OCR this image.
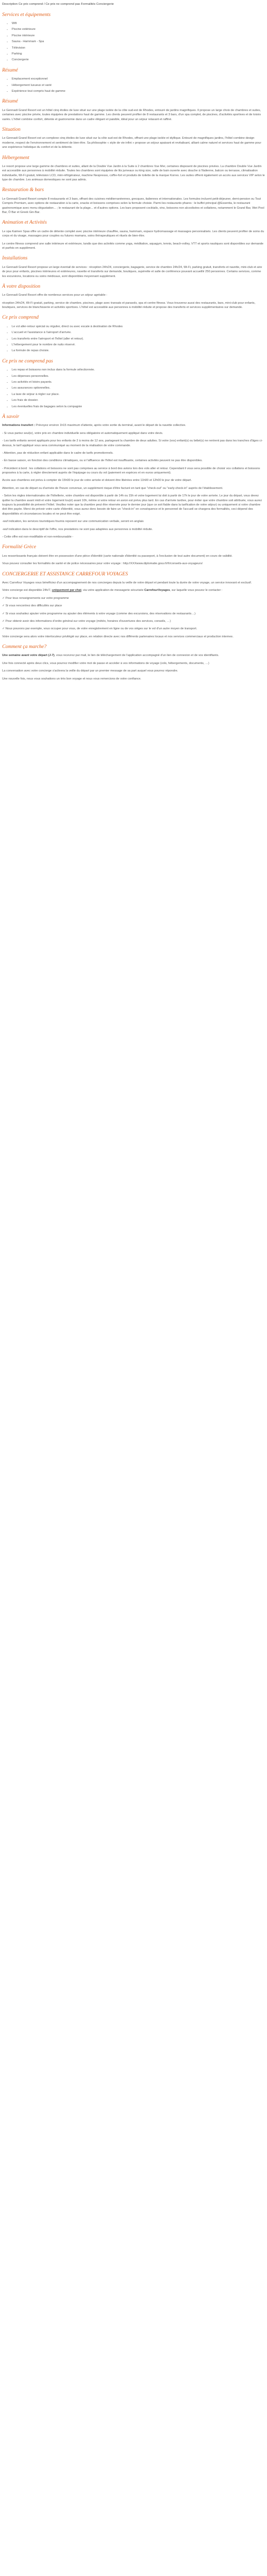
Description Ce prix comprend / Ce prix ne comprend pas Formalités Conciergerie

Services et équipements
• Wifi
• Piscine extérieure
• Piscine intérieure
• Sauna - Hammam - Spa
• Télévision
• Parking
• Conciergerie
Résumé
• Emplacement exceptionnel
• Hébergement luxueux et varié
• Expérience tout compris haut de gamme
Résumé

Le Gennadi Grand Resort est un hôtel cinq étoiles de luxe situé sur une plage isolée de la côte sud-est de Rhodes, entouré de jardins magnifiques. Il propose un large choix de chambres et suites, certaines avec piscine privée, toutes équipées de prestations haut de gamme. Les clients peuvent profiter de 8 restaurants et 3 bars, d'un spa complet, de piscines, d'activités sportives et de loisirs variés. L'hôtel combine confort, détente et gastronomie dans un cadre élégant et paisible, idéal pour un séjour relaxant et raffiné.

Situation

Le Gennadi Grand Resort est un complexe cinq étoiles de luxe situé sur la côte sud-est de Rhodes, offrant une plage isolée et idyllique. Entouré de magnifiques jardins, l'hôtel combine design moderne, respect de l'environnement et sentiment de bien-être. Sa philosophie « style de vie infini » propose un séjour apaisant et revitalisant, alliant calme naturel et services haut de gamme pour une expérience holistique du confort et de la détente.

Hébergement

Le resort propose une large gamme de chambres et suites, allant de la Double Vue Jardin à la Suite à 2 chambres Vue Mer, certaines disposent de piscines privées. La chambre Double Vue Jardin est accessible aux personnes à mobilité réduite. Toutes les chambres sont équipées de lits jumeaux ou king size, salle de bain ouverte avec douche à l'italienne, balcon ou terrasse, climatisation individuelle, Wi-Fi gratuit, télévision LCD, mini-réfrigérateur, machine Nespresso, coffre-fort et produits de toilette de la marque Korres. Les suites offrent également un accès aux services VIP selon le type de chambre. Les animaux domestiques ne sont pas admis.

Restauration & bars

Le Gennadi Grand Resort compte 8 restaurants et 3 bars, offrant des cuisines méditerranéennes, grecques, italiennes et internationales. Les formules incluent petit-déjeuner, demi-pension ou Tout Compris Premium, avec options de restauration à la carte, snacks et boissons comprises selon la formule choisie. Parmi les restaurants phares : le buffet principal @Essentia, le restaurant gastronomique avec menu dégustation... ; le restaurant de la plage... et d'autres options. Les bars proposent cocktails, vins, boissons non alcoolisées et collations, notamment le Grand Bar, Wet Pool Bar, Ö Bar et Greek Gin-Bar.

Animation et Activités

Le spa Kaimen Spas offre un cadre de détente complet avec piscine intérieure chauffée, sauna, hammam, espace hydromassage et massages personnalisés. Les clients peuvent profiter de soins du corps et du visage, massages pour couples ou futures mamans, soins thérapeutiques et rituels de bien-être.

Le centre fitness comprend une salle intérieure et extérieure, tandis que des activités comme yoga, méditation, aquagym, tennis, beach-volley, VTT et sports nautiques sont disponibles sur demande et parfois en supplément.

Installations

Le Gennadi Grand Resort propose un large éventail de services : réception 24h/24, conciergerie, bagagerie, service de chambre 24h/24, Wi-Fi, parking gratuit, transferts et navette, mini-club et aire de jeux pour enfants, piscines intérieures et extérieures, navette et transferts sur demande, boutiques, supérette et salle de conférence pouvant accueillir 250 personnes. Certains services, comme les excursions, locations ou soins médicaux, sont disponibles moyennant supplément.

À votre disposition

Le Gennadi Grand Resort offre de nombreux services pour un séjour agréable :

réception 24h/24, Wi-Fi gratuit, parking, service de chambre, piscines, plage avec transats et parasols, spa et centre fitness. Vous trouverez aussi des restaurants, bars, mini-club pour enfants, boutiques, services de blanchisserie et activités sportives. L'hôtel est accessible aux personnes à mobilité réduite et propose des transferts et services supplémentaires sur demande.

Ce prix comprend
• Le vol aller-retour spécial ou régulier, direct ou avec escale à destination de Rhodes
• L'accueil et l'assistance à l'aéroport d'arrivée.
• Les transferts entre l'aéroport et l'hôtel (aller et retour).
• L'hébergement pour le nombre de nuits réservé.
• La formule de repas choisie.
Ce prix ne comprend pas
• Les repas et boissons non inclus dans la formule sélectionnée.
• Les dépenses personnelles.
• Les activités et loisirs payants.
• Les assurances optionnelles.
• La taxe de séjour à régler sur place.
• Les frais de dossier.
• Les éventuelles frais de bagages selon la compagnie
À savoir

Informations transfert : Prévoyez environ 1h15 maximum d'attente, après votre sortie du terminal, avant le départ de la navette collective.

- Si vous partez seul(e), votre prix en chambre individuelle sera obligatoire et automatiquement appliqué dans votre devis.

- Les tarifs enfants seront appliqués pour les enfants de 2 à moins de 12 ans, partageant la chambre de deux adultes. Si votre (vos) enfant(s) ou bébé(s) ne rentrent pas dans les tranches d'âges ci-dessus, le tarif appliqué vous sera communiqué au moment de la réalisation de votre commande.

- Attention, pas de réduction enfant applicable dans le cadre de tarifs promotionnels.

- En basse saison, en fonction des conditions climatiques, ou si l'affluence de l'hôtel est insuffisante, certaines activités peuvent ne pas être disponibles.

- Précédent à bord : les collations et boissons ne sont pas comprises au service à bord des avions lors des vols aller et retour. Cependant il vous sera possible de choisir vos collations et boissons proposées à la carte, à régler directement auprès de l'équipage ou cours du vol (paiement en espèces et en euros uniquement).

Accès aux chambres est prévu à compter de 15h00 le jour de votre arrivée et doivent être libérées entre 11h00 et 12h00 le jour de votre départ.

Attention, en cas de départ ou d'arrivée de l'heure convenue, un supplément risque d'être facturé en tant que "check-out" ou "early-check-in" auprès de l'établissement.

- Selon les règles internationales de l'hôtellerie, votre chambre est disponible à partir de 14h ou 15h et votre logement lui doit à partir de 17h le jour de votre arrivée. Le jour du départ, vous devez quitter la chambre avant midi et votre logement lou(é) avant 10h, même si votre retour en avion est prévu plus tard. En cas d'arrivée tardive, pour éviter que votre chambre soit attribuée, vous aurez toujours la possibilité de prévenir l'hôtel. Veuillez noter que la chambre peut être réservée pour le dernier jour (que ce soit fiable dans la tarification de votre séjour) ou uniquement si votre chambre doit être payée. Merci de prévoir votre carte d'identité, vous aurez donc besoin de faire un "check-in" en conséquence et le personnel de l'accueil se chargera des formalités, ceci dépend des disponibilités et circonstances locales et ne peut être exigé.

-wuf indication, les services touristiques fournis reposent sur une communication verbale, seront en anglais

-wuf indication dans le descriptif de l'offre, nos prestations ne sont pas adaptées aux personnes à mobilité réduite.

- Cette offre est non-modifiable et non-remboursable -

Formalité Grèce

Les ressortissants français doivent être en possession d'une pièce d'identité (carte nationale d'identité ou passeport, à l'exclusion de tout autre document) en cours de validité.

Vous pouvez consulter les formalités de santé et de police nécessaires pour votre voyage : http://XXXwww.diplomatie.gouv.fr/fr/conseils-aux-voyageurs/

CONCIERGERIE ET ASSISTANCE CARREFOUR VOYAGES

Avec Carrefour Voyages vous bénéficiez d'un accompagnement de nos concierges depuis la veille de votre départ et pendant toute la durée de votre voyage, un service innovant et exclusif.

Votre concierge est disponible 24h/7, uniquement par chat, via votre application de messagerie sécurisée CarrefourVoyages, sur laquelle vous pouvez le contacter :

✓ Pour tous renseignements sur votre programme

✓ Si vous rencontrez des difficultés sur place

✓ Si vous souhaitez ajouter votre programme ou ajouter des éléments à votre voyage (comme des excursions, des réservations de restaurants…)

✓ Pour obtenir avoir des informations d'ordre général sur votre voyage (météo, horaires d'ouvertures des services, conseils, …)

✓ Nous pouvons par exemple, vous occuper pour vous, de votre enregistrement en ligne ou de vos sièges sur le vol d'un autre moyen de transport.

Votre concierge sera alors votre interlocuteur privilégié sur place, en relation directe avec nos différents partenaires locaux et nos services commerciaux et production internes.

Comment ça marche?

Une semaine avant votre départ (J-7), vous recevrez par mail, le lien de téléchargement de l'application accompagné d'un lien de connexion et de vos identifiants.

Une fois connecté après deux clics, vous pourrez modifier votre mot de passe et accéder à vos informations de voyage (vols, hébergements, documents, …)

La conversation avec votre concierge s'activera la veille du départ par un premier message de sa part auquel vous pourrez répondre.

Une nouvelle fois, nous vous souhaitons un très bon voyage et nous vous remercions de votre confiance.
